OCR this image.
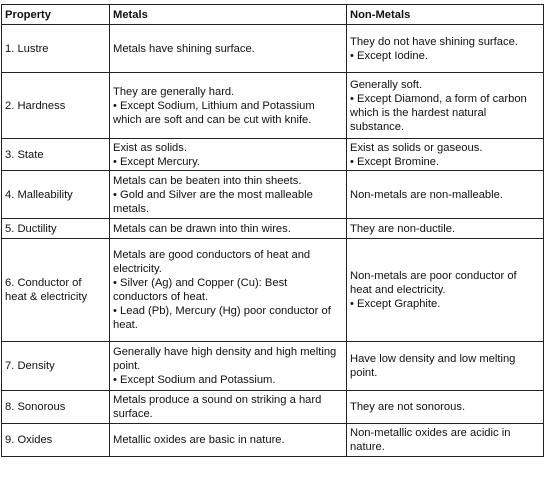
Property	Metals	Non-Metals
1. Lustre	Metals have shining surface.	They do not have shining surface.
• Except Iodine.

2. Hardness	They are generally hard.
• Except Sodium, Lithium and Potassium which are soft and can be cut with knife.	Generally soft.
• Except Diamond, a form of carbon which is the hardest natural substance.

3. State	Exist as solids.
• Except Mercury.	Exist as solids or gaseous.
• Except Bromine.

4. Malleability	Metals can be beaten into thin sheets.
• Gold and Silver are the most malleable metals.	Non-metals are non-malleable.

5. Ductility	Metals can be drawn into thin wires.	They are non-ductile.

6. Conductor of heat & electricity	Metals are good conductors of heat and electricity.
• Silver (Ag) and Copper (Cu): Best conductors of heat.
• Lead (Pb), Mercury (Hg) poor conductor of heat.	Non-metals are poor conductor of heat and electricity.
• Except Graphite.

7. Density	Generally have high density and high melting point.
• Except Sodium and Potassium.	Have low density and low melting point.

8. Sonorous	Metals produce a sound on striking a hard surface.	They are not sonorous.

9. Oxides	Metallic oxides are basic in nature.	Non-metallic oxides are acidic in nature.
